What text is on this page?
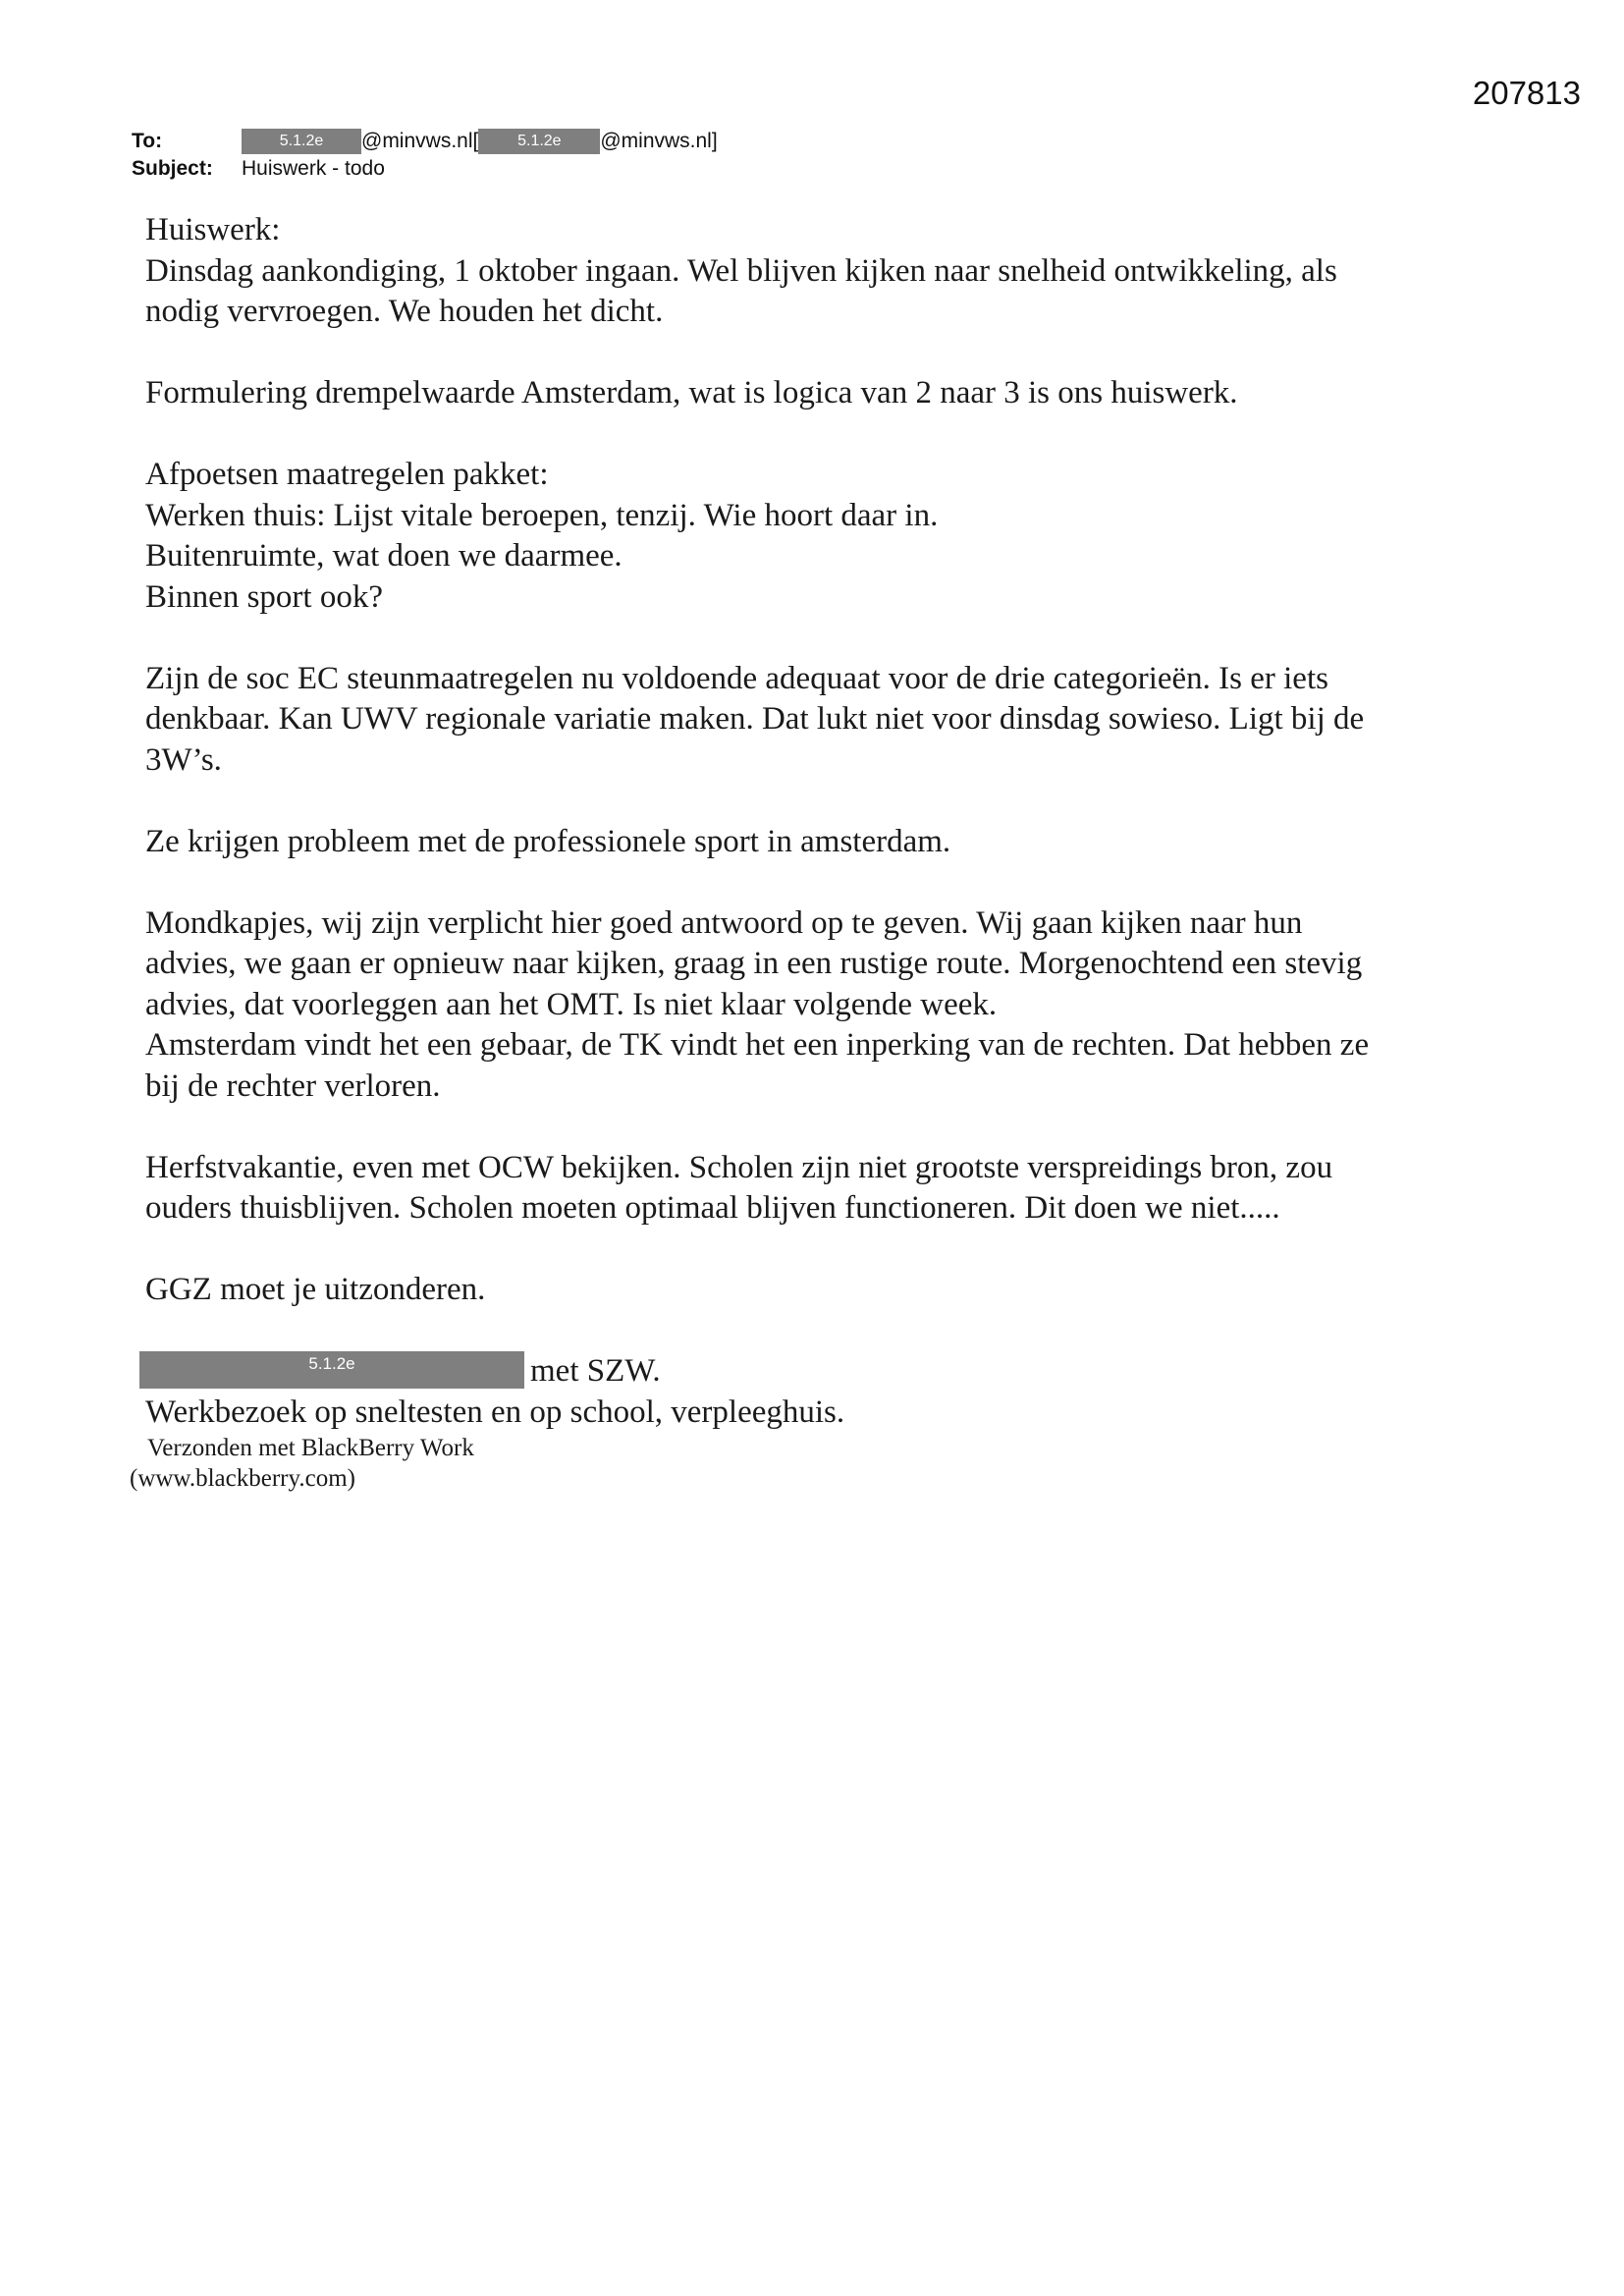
207813
To:	5.1.2e	@minvws.nl[	5.1.2e	@minvws.nl]
Subject: Huiswerk - todo
Huiswerk:
Dinsdag aankondiging, 1 oktober ingaan. Wel blijven kijken naar snelheid ontwikkeling, als
nodig vervroegen. We houden het dicht.
Formulering drempelwaarde Amsterdam, wat is logica van 2 naar 3 is ons huiswerk.
Afpoetsen maatregelen pakket:
Werken thuis: Lijst vitale beroepen, tenzij. Wie hoort daar in.
Buitenruimte, wat doen we daarmee.
Binnen sport ook?
Zijn de soc EC steunmaatregelen nu voldoende adequaat voor de drie categorieën. Is er iets
denkbaar. Kan UWV regionale variatie maken. Dat lukt niet voor dinsdag sowieso. Ligt bij de
3W’s.
Ze krijgen probleem met de professionele sport in amsterdam.
Mondkapjes, wij zijn verplicht hier goed antwoord op te geven. Wij gaan kijken naar hun
advies, we gaan er opnieuw naar kijken, graag in een rustige route. Morgenochtend een stevig
advies, dat voorleggen aan het OMT. Is niet klaar volgende week.
Amsterdam vindt het een gebaar, de TK vindt het een inperking van de rechten. Dat hebben ze
bij de rechter verloren.
Herfstvakantie, even met OCW bekijken. Scholen zijn niet grootste verspreidings bron, zou
ouders thuisblijven. Scholen moeten optimaal blijven functioneren. Dit doen we niet.....
GGZ moet je uitzonderen.
5.1.2e	met SZW.
Werkbezoek op sneltesten en op school, verpleeghuis.
Verzonden met BlackBerry Work
(www.blackberry.com)
